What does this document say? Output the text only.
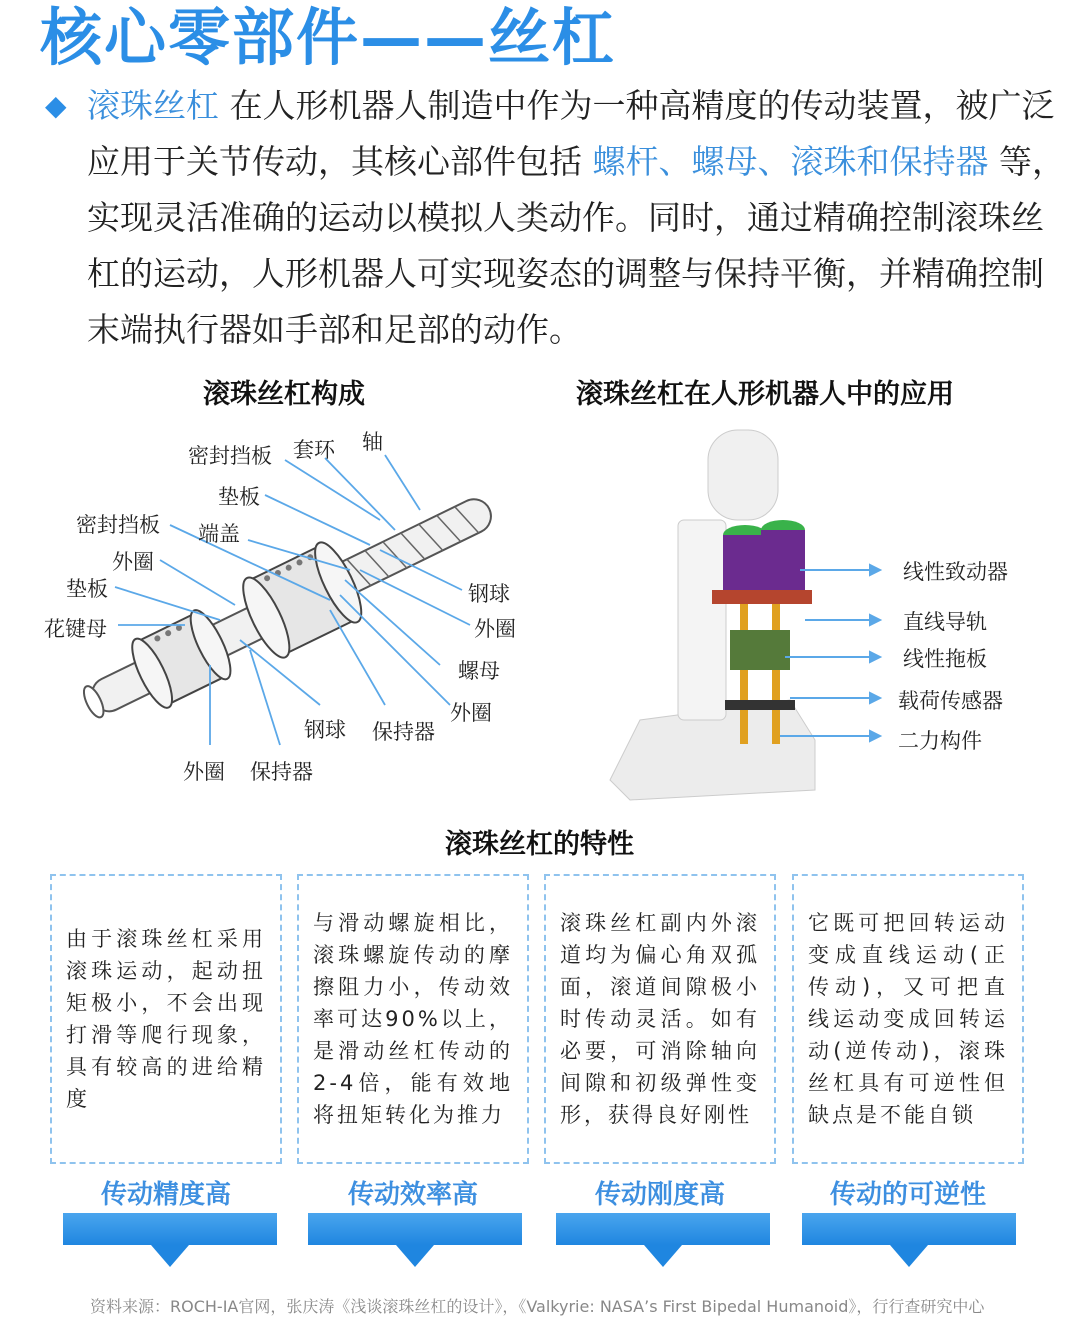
核心零部件——丝杠
◆ 滚珠丝杠 在人形机器人制造中作为一种高精度的传动装置，被广泛应用于关节传动，其核心部件包括 螺杆、螺母、滚珠和保持器 等，实现灵活准确的运动以模拟人类动作。同时，通过精确控制滚珠丝杠的运动，人形机器人可实现姿态的调整与保持平衡，并精确控制末端执行器如手部和足部的动作。

滚珠丝杠构成
密封挡板 套环 轴
垫板
密封挡板 端盖
外圈
垫板
花键母
钢球
外圈
螺母
外圈
钢球 保持器
外圈 保持器
滚珠丝杠在人形机器人中的应用
线性致动器
直线导轨
线性拖板
载荷传感器
二力构件
滚珠丝杠的特性
由于滚珠丝杠采用滚珠运动，起动扭矩极小，不会出现打滑等爬行现象，具有较高的进给精度
传动精度高
与滑动螺旋相比，滚珠螺旋传动的摩擦阻力小，传动效率可达90%以上，是滑动丝杠传动的2-4倍，能有效地将扭矩转化为推力
传动效率高
滚珠丝杠副内外滚道均为偏心角双孤面，滚道间隙极小时传动灵活。如有必要，可消除轴向间隙和初级弹性变形，获得良好刚性
传动刚度高
它既可把回转运动变成直线运动(正传动)，又可把直线运动变成回转运动(逆传动)，滚珠丝杠具有可逆性但缺点是不能自锁
传动的可逆性
资料来源：ROCH-IA官网，张庆涛《浅谈滚珠丝杠的设计》，《Valkyrie: NASA’s First Bipedal Humanoid》，行行查研究中心
